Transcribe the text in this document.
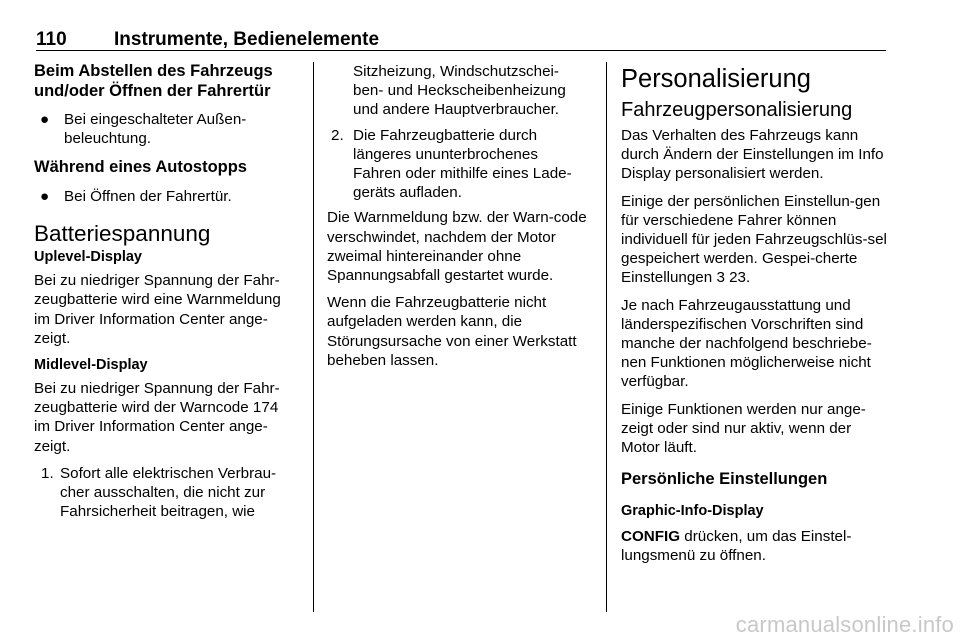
110 Instrumente, Bedienelemente
Beim Abstellen des Fahrzeugs und/oder Öffnen der Fahrertür
● Bei eingeschalteter Außen-beleuchtung.
Während eines Autostopps
● Bei Öffnen der Fahrertür.
Batteriespannung
Uplevel-Display

Bei zu niedriger Spannung der Fahr-zeugbatterie wird eine Warnmeldung im Driver Information Center ange-zeigt.

Midlevel-Display

Bei zu niedriger Spannung der Fahr-zeugbatterie wird der Warncode 174 im Driver Information Center ange-zeigt.

1. Sofort alle elektrischen Verbrau-cher ausschalten, die nicht zur Fahrsicherheit beitragen, wie
Sitzheizung, Windschutzschei-ben- und Heckscheibenheizung und andere Hauptverbraucher.
2. Die Fahrzeugbatterie durch längeres ununterbrochenes Fahren oder mithilfe eines Lade-geräts aufladen.

Die Warnmeldung bzw. der Warn-code verschwindet, nachdem der Motor zweimal hintereinander ohne Spannungsabfall gestartet wurde.

Wenn die Fahrzeugbatterie nicht aufgeladen werden kann, die Störungsursache von einer Werkstatt beheben lassen.

Personalisierung
Fahrzeugpersonalisierung

Das Verhalten des Fahrzeugs kann durch Ändern der Einstellungen im Info Display personalisiert werden.

Einige der persönlichen Einstellun-gen für verschiedene Fahrer können individuell für jeden Fahrzeugschlüs-sel gespeichert werden. Gespei-cherte Einstellungen 3 23.

Je nach Fahrzeugausstattung und länderspezifischen Vorschriften sind manche der nachfolgend beschriebe-nen Funktionen möglicherweise nicht verfügbar.

Einige Funktionen werden nur ange-zeigt oder sind nur aktiv, wenn der Motor läuft.

Persönliche Einstellungen
Graphic-Info-Display

CONFIG drücken, um das Einstel-lungsmenü zu öffnen.

carmanualsonline.info
